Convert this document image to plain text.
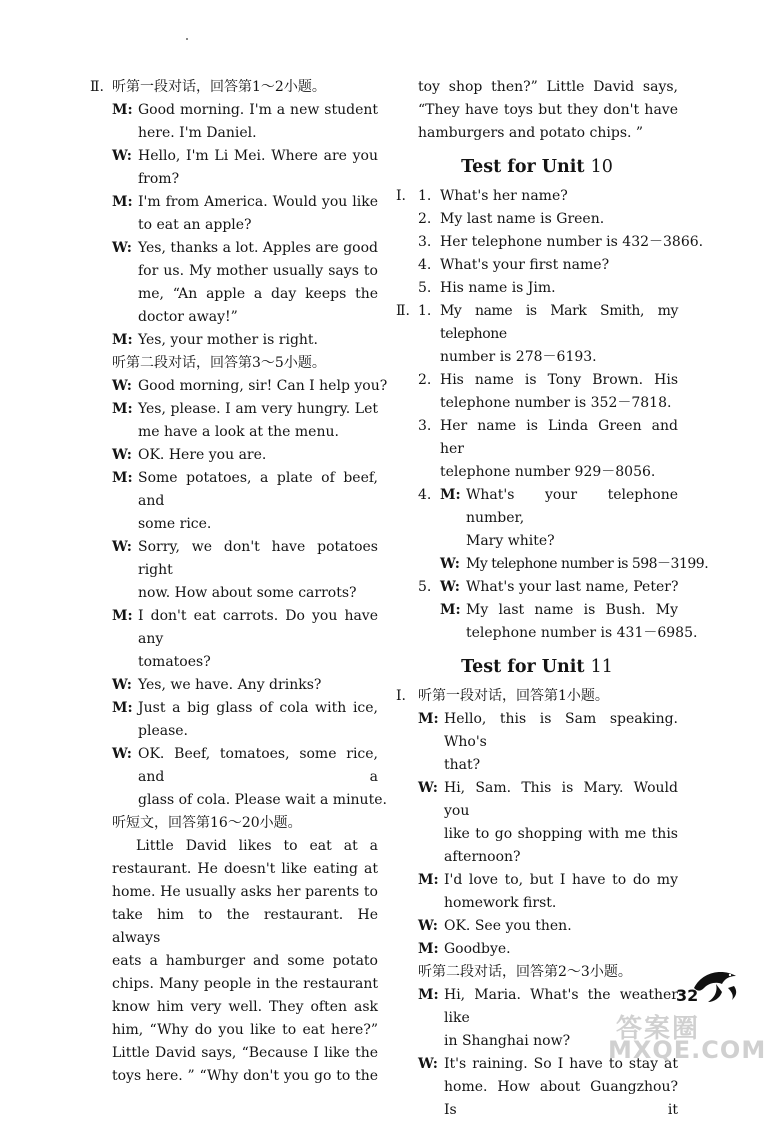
Ⅱ. 听第一段对话，回答第1～2小题。
M: Good morning. I'm a new student
here. I'm Daniel.
W: Hello, I'm Li Mei. Where are you
from?
M: I'm from America. Would you like
to eat an apple?
W: Yes, thanks a lot. Apples are good
for us. My mother usually says to
me, “An apple a day keeps the
doctor away!”
M: Yes, your mother is right.
听第二段对话，回答第3～5小题。
W: Good morning, sir! Can I help you?
M: Yes, please. I am very hungry. Let
me have a look at the menu.
W: OK. Here you are.
M: Some potatoes, a plate of beef, and
some rice.
W: Sorry, we don't have potatoes right
now. How about some carrots?
M: I don't eat carrots. Do you have any
tomatoes?
W: Yes, we have. Any drinks?
M: Just a big glass of cola with ice,
please.
W: OK. Beef, tomatoes, some rice, and a
glass of cola. Please wait a minute.
听短文，回答第16～20小题。
Little David likes to eat at a
restaurant. He doesn't like eating at
home. He usually asks her parents to
take him to the restaurant. He always
eats a hamburger and some potato
chips. Many people in the restaurant
know him very well. They often ask
him, “Why do you like to eat here?”
Little David says, “Because I like the
toys here. ” “Why don't you go to the
toy shop then?” Little David says,
“They have toys but they don't have
hamburgers and potato chips. ”
Test for Unit 10
Ⅰ. 1. What's her name?
2. My last name is Green.
3. Her telephone number is 432－3866.
4. What's your first name?
5. His name is Jim.
Ⅱ. 1. My name is Mark Smith, my telephone
number is 278－6193.
2. His name is Tony Brown. His
telephone number is 352－7818.
3. Her name is Linda Green and her
telephone number 929－8056.
4. M: What's your telephone number,
Mary white?
W: My telephone number is 598－3199.
5. W: What's your last name, Peter?
M: My last name is Bush. My
telephone number is 431－6985.
Test for Unit 11
Ⅰ. 听第一段对话，回答第1小题。
M: Hello, this is Sam speaking. Who's
that?
W: Hi, Sam. This is Mary. Would you
like to go shopping with me this
afternoon?
M: I'd love to, but I have to do my
homework first.
W: OK. See you then.
M: Goodbye.
听第二段对话，回答第2～3小题。
M: Hi, Maria. What's the weather like
in Shanghai now?
W: It's raining. So I have to stay at
home. How about Guangzhou? Is it
32
答案圈
MXQE.COM
